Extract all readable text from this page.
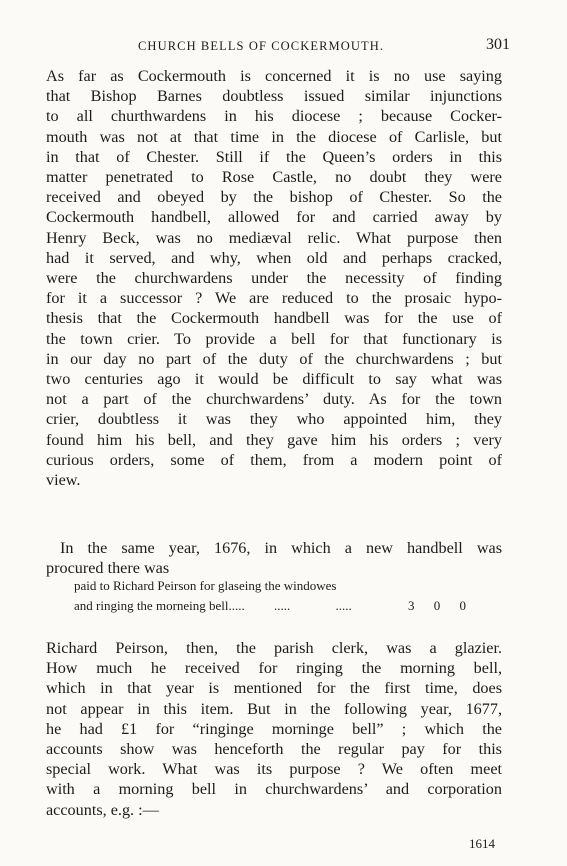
CHURCH BELLS OF COCKERMOUTH.	301
As far as Cockermouth is concerned it is no use saying
that Bishop Barnes doubtless issued similar injunctions
to all churthwardens in his diocese ; because Cocker-
mouth was not at that time in the diocese of Carlisle, but
in that of Chester. Still if the Queen’s orders in this
matter penetrated to Rose Castle, no doubt they were
received and obeyed by the bishop of Chester. So the
Cockermouth handbell, allowed for and carried away by
Henry Beck, was no mediæval relic. What purpose then
had it served, and why, when old and perhaps cracked,
were the churchwardens under the necessity of finding
for it a successor ? We are reduced to the prosaic hypo-
thesis that the Cockermouth handbell was for the use of
the town crier. To provide a bell for that functionary is
in our day no part of the duty of the churchwardens ; but
two centuries ago it would be difficult to say what was
not a part of the churchwardens’ duty. As for the town
crier, doubtless it was they who appointed him, they
found him his bell, and they gave him his orders ; very
curious orders, some of them, from a modern point of
view.
In the same year, 1676, in which a new handbell was
procured there was
paid to Richard Peirson for glaseing the windowes
and ringing the morneing bell..... .....	.....	3 0 0
Richard Peirson, then, the parish clerk, was a glazier.
How much he received for ringing the morning bell,
which in that year is mentioned for the first time, does
not appear in this item. But in the following year, 1677,
he had £1 for “ringinge morninge bell” ; which the
accounts show was henceforth the regular pay for this
special work. What was its purpose ? We often meet
with a morning bell in churchwardens’ and corporation
accounts, e.g. :—
1614
